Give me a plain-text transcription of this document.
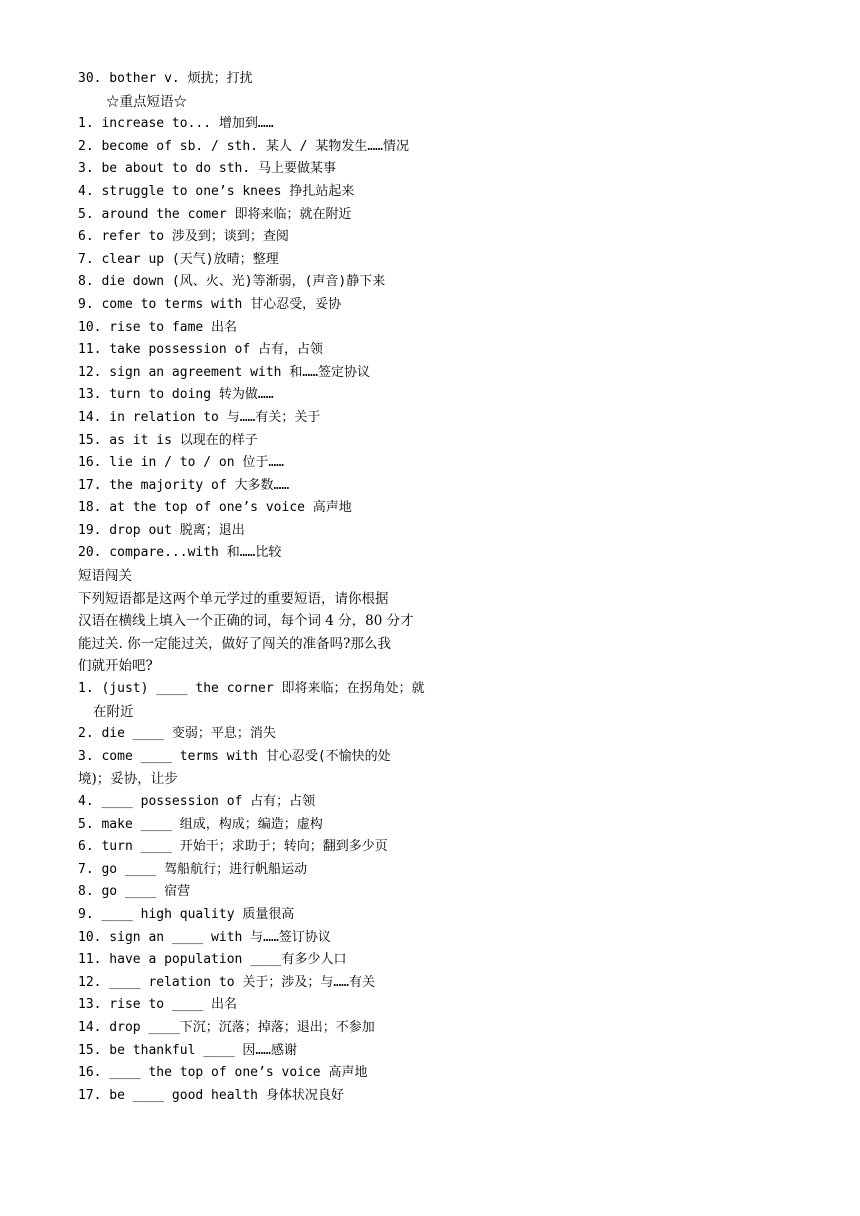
30. bother v. 烦扰；打扰
☆重点短语☆
1. increase to... 增加到……
2. become of sb. / sth. 某人 / 某物发生……情况
3. be about to do sth. 马上要做某事
4. struggle to one’s knees 挣扎站起来
5. around the comer 即将来临；就在附近
6. refer to 涉及到；谈到；查阅
7. clear up (天气)放晴；整理
8. die down (风、火、光)等渐弱，(声音)静下来
9. come to terms with 甘心忍受，妥协
10. rise to fame 出名
11. take possession of 占有，占领
12. sign an agreement with 和……签定协议
13. turn to doing 转为做……
14. in relation to 与……有关；关于
15. as it is 以现在的样子
16. lie in / to / on 位于……
17. the majority of 大多数……
18. at the top of one’s voice 高声地
19. drop out 脱离；退出
20. compare...with 和……比较
短语闯关
下列短语都是这两个单元学过的重要短语，请你根据
汉语在横线上填入一个正确的词，每个词 4 分，80 分才
能过关. 你一定能过关，做好了闯关的准备吗?那么我
们就开始吧?
1. (just) ____ the corner 即将来临；在拐角处；就
在附近
2. die ____ 变弱；平息；消失
3. come ____ terms with 甘心忍受(不愉快的处
境)；妥协，让步
4. ____ possession of 占有；占领
5. make ____ 组成，构成；编造；虚构
6. turn ____ 开始干；求助于；转向；翻到多少页
7. go ____ 驾船航行；进行帆船运动
8. go ____ 宿营
9. ____ high quality 质量很高
10. sign an ____ with 与……签订协议
11. have a population ____有多少人口
12. ____ relation to 关于；涉及；与……有关
13. rise to ____ 出名
14. drop ____下沉；沉落；掉落；退出；不参加
15. be thankful ____ 因……感谢
16. ____ the top of one’s voice 高声地
17. be ____ good health 身体状况良好
